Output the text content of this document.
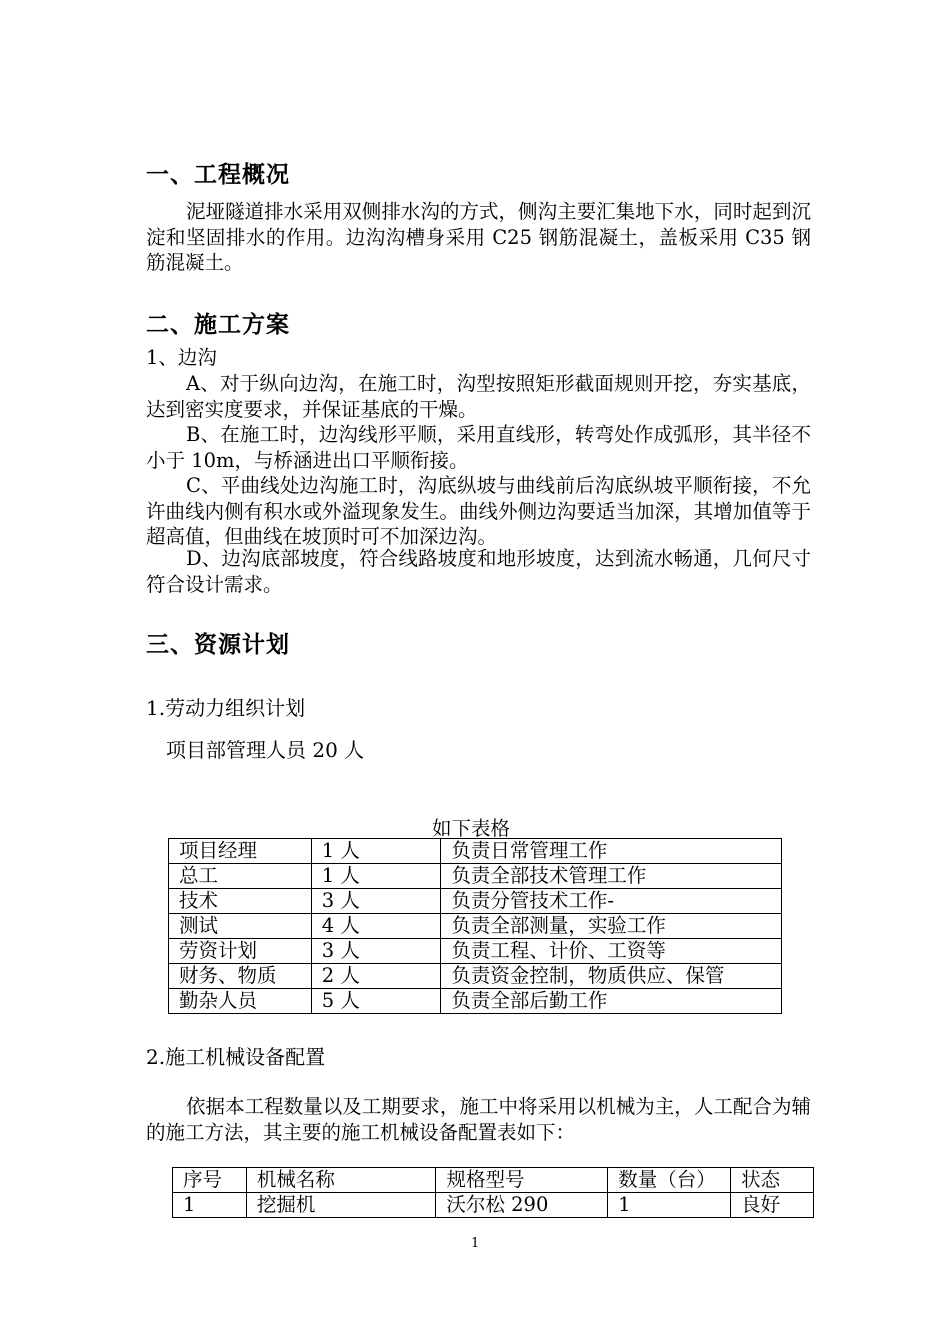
一、工程概况
泥垭隧道排水采用双侧排水沟的方式，侧沟主要汇集地下水，同时起到沉淀和坚固排水的作用。边沟沟槽身采用 C25 钢筋混凝土，盖板采用 C35 钢筋混凝土。
二、施工方案
1、边沟
A、对于纵向边沟，在施工时，沟型按照矩形截面规则开挖，夯实基底，达到密实度要求，并保证基底的干燥。
B、在施工时，边沟线形平顺，采用直线形，转弯处作成弧形，其半径不小于 10m，与桥涵进出口平顺衔接。
C、平曲线处边沟施工时，沟底纵坡与曲线前后沟底纵坡平顺衔接，不允许曲线内侧有积水或外溢现象发生。曲线外侧边沟要适当加深，其增加值等于超高值，但曲线在坡顶时可不加深边沟。
D、边沟底部坡度，符合线路坡度和地形坡度，达到流水畅通，几何尺寸符合设计需求。
三、资源计划
1.劳动力组织计划
项目部管理人员 20 人
如下表格
项目经理	1 人	负责日常管理工作
总工	1 人	负责全部技术管理工作
技术	3 人	负责分管技术工作-
测试	4 人	负责全部测量，实验工作
劳资计划	3 人	负责工程、计价、工资等
财务、物质	2 人	负责资金控制，物质供应、保管
勤杂人员	5 人	负责全部后勤工作
2.施工机械设备配置
依据本工程数量以及工期要求，施工中将采用以机械为主，人工配合为辅的施工方法，其主要的施工机械设备配置表如下：
序号	机械名称	规格型号	数量（台）	状态
1	挖掘机	沃尔松 290	1	良好
1
